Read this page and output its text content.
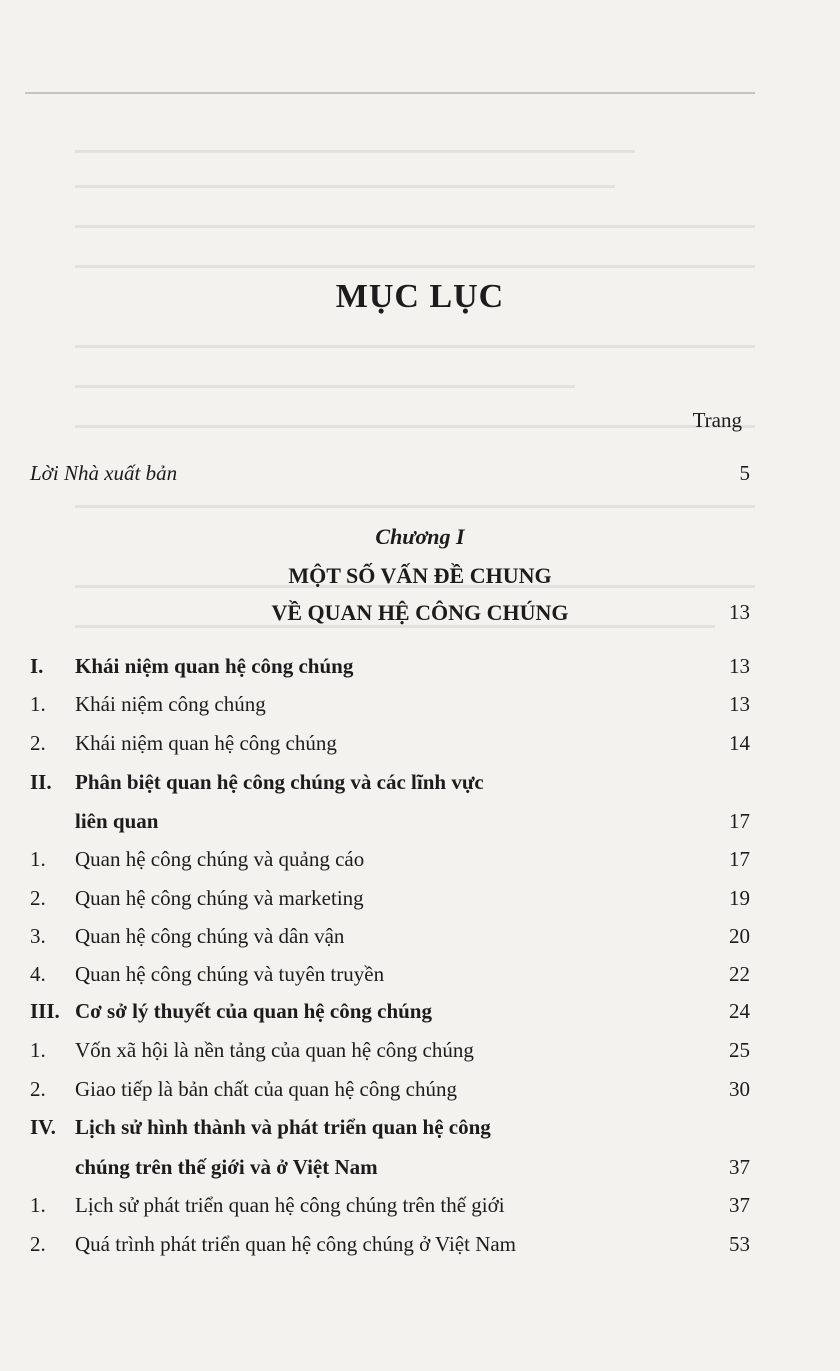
MỤC LỤC
Trang
Lời Nhà xuất bản	5
Chương I
MỘT SỐ VẤN ĐỀ CHUNG
VỀ QUAN HỆ CÔNG CHÚNG	13
I. Khái niệm quan hệ công chúng	13
1. Khái niệm công chúng	13
2. Khái niệm quan hệ công chúng	14
II. Phân biệt quan hệ công chúng và các lĩnh vực
liên quan	17
1. Quan hệ công chúng và quảng cáo	17
2. Quan hệ công chúng và marketing	19
3. Quan hệ công chúng và dân vận	20
4. Quan hệ công chúng và tuyên truyền	22
III. Cơ sở lý thuyết của quan hệ công chúng	24
1. Vốn xã hội là nền tảng của quan hệ công chúng	25
2. Giao tiếp là bản chất của quan hệ công chúng	30
IV. Lịch sử hình thành và phát triển quan hệ công
chúng trên thế giới và ở Việt Nam	37
1. Lịch sử phát triển quan hệ công chúng trên thế giới	37
2. Quá trình phát triển quan hệ công chúng ở Việt Nam	53
